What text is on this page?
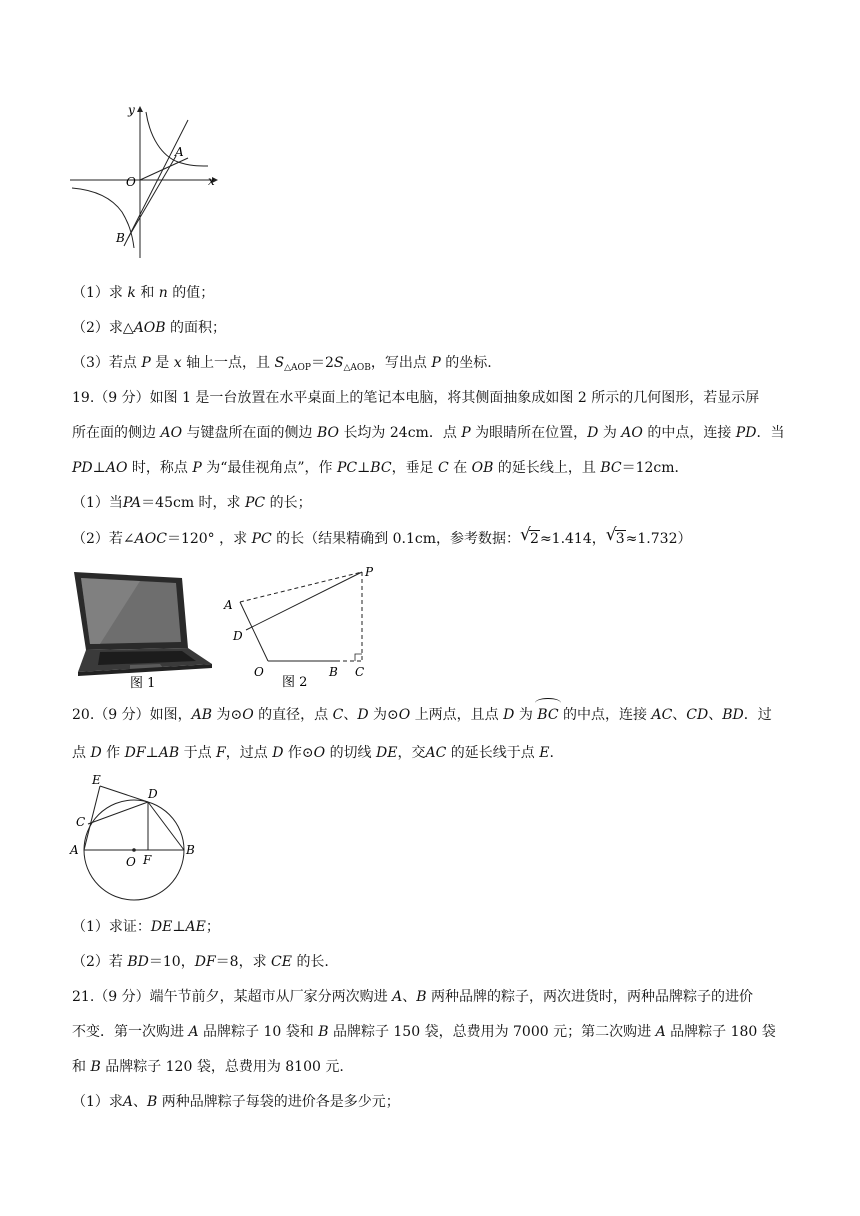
y
x
O
A
B
（1）求 k 和 n 的值；
（2）求△AOB 的面积；
（3）若点 P 是 x 轴上一点，且 $S_{\triangle AOP}=2S_{\triangle AOB}$，写出点 P 的坐标.
19.（9 分）如图 1 是一台放置在水平桌面上的笔记本电脑，将其侧面抽象成如图 2 所示的几何图形，若显示屏
所在面的侧边 AO 与键盘所在面的侧边 BO 长均为 24cm．点 P 为眼睛所在位置，D 为 AO 的中点，连接 PD．当
PD⊥AO 时，称点 P 为“最佳视角点”，作 PC⊥BC，垂足 C 在 OB 的延长线上，且 BC＝12cm．
（1）当PA＝45cm 时，求 PC 的长；
（2）若∠AOC＝120° ，求 PC 的长（结果精确到 0.1cm，参考数据： √ 2≈1.414， √ 3≈1.732）
图 1
P
A
D
O	B C
图 2
20.（9 分）如图，AB 为⊙O 的直径，点 C、D 为⊙O 上两点，且点 D 为 BC 的中点，连接 AC、CD、BD．过
点 D 作 DF⊥AB 于点 F，过点 D 作⊙O 的切线 DE，交AC 的延长线于点 E.
E
D
C
A
O F
B
（1）求证：DE⊥AE；
（2）若 BD＝10，DF＝8，求 CE 的长.
21.（9 分）端午节前夕，某超市从厂家分两次购进 A、B 两种品牌的粽子，两次进货时，两种品牌粽子的进价
不变．第一次购进 A 品牌粽子 10 袋和 B 品牌粽子 150 袋，总费用为 7000 元；第二次购进 A 品牌粽子 180 袋
和 B 品牌粽子 120 袋，总费用为 8100 元.
（1）求A、B 两种品牌粽子每袋的进价各是多少元；
